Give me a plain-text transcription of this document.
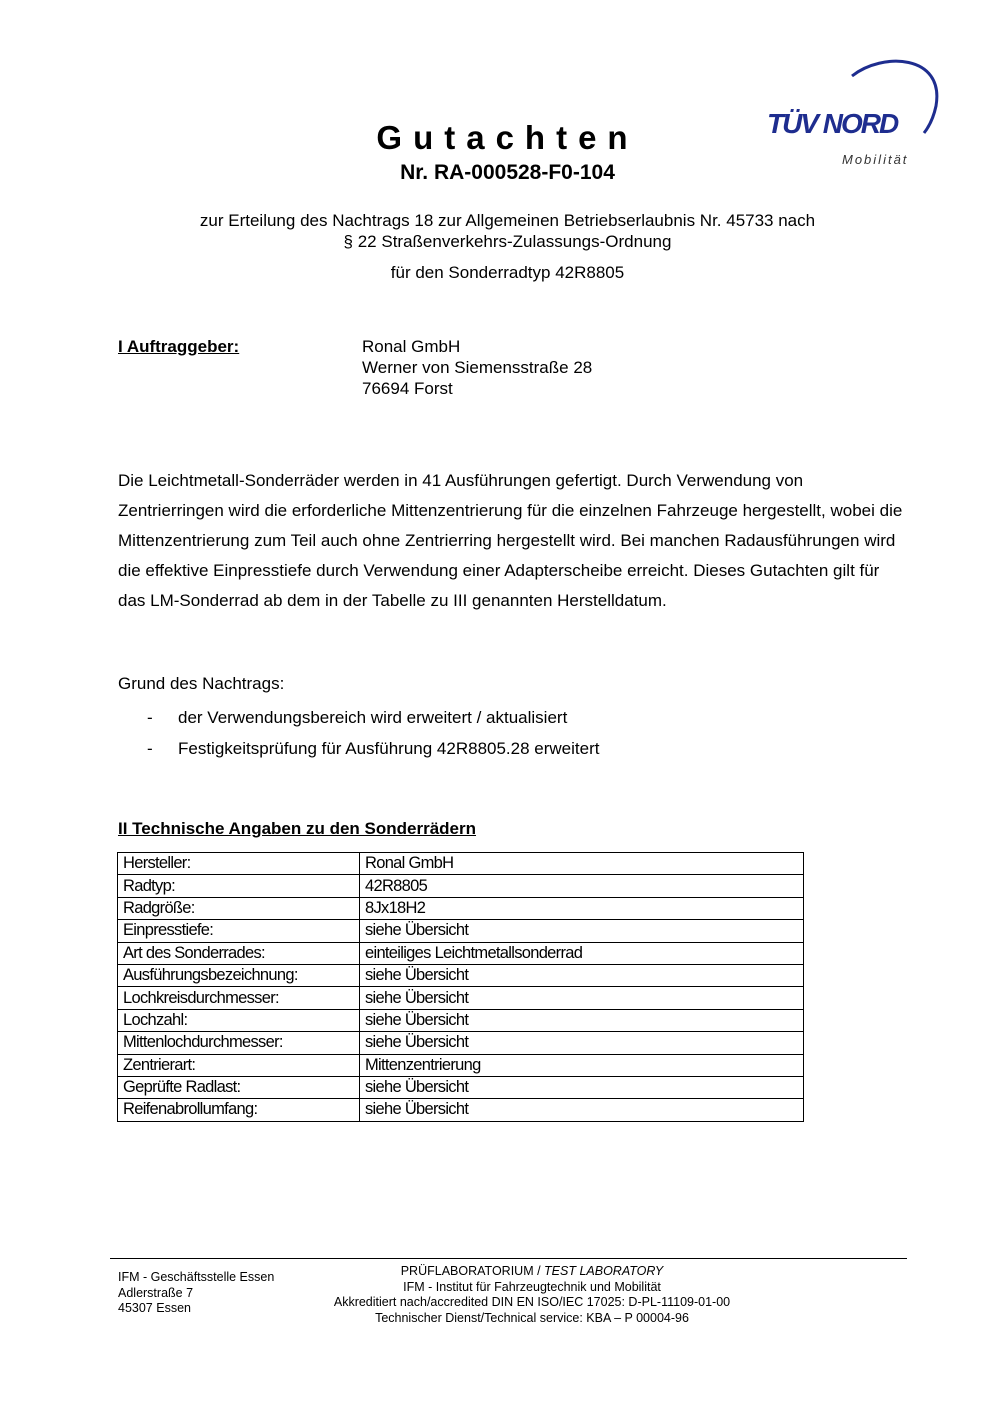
Gutachten
Nr. RA-000528-F0-104
TÜV NORD
Mobilität
zur Erteilung des Nachtrags 18 zur Allgemeinen Betriebserlaubnis Nr. 45733 nach
§ 22 Straßenverkehrs-Zulassungs-Ordnung
für den Sonderradtyp 42R8805
I Auftraggeber:	Ronal GmbH
Werner von Siemensstraße 28
76694 Forst
Die Leichtmetall-Sonderräder werden in 41 Ausführungen gefertigt. Durch Verwendung von Zentrierringen wird die erforderliche Mittenzentrierung für die einzelnen Fahrzeuge hergestellt, wobei die Mittenzentrierung zum Teil auch ohne Zentrierring hergestellt wird. Bei manchen Radausführungen wird die effektive Einpresstiefe durch Verwendung einer Adapterscheibe erreicht. Dieses Gutachten gilt für das LM-Sonderrad ab dem in der Tabelle zu III genannten Herstelldatum.
Grund des Nachtrags:
- der Verwendungsbereich wird erweitert / aktualisiert
- Festigkeitsprüfung für Ausführung 42R8805.28 erweitert
II Technische Angaben zu den Sonderrädern
Hersteller:	Ronal GmbH
Radtyp:	42R8805
Radgröße:	8Jx18H2
Einpresstiefe:	siehe Übersicht
Art des Sonderrades:	einteiliges Leichtmetallsonderrad
Ausführungsbezeichnung:	siehe Übersicht
Lochkreisdurchmesser:	siehe Übersicht
Lochzahl:	siehe Übersicht
Mittenlochdurchmesser:	siehe Übersicht
Zentrierart:	Mittenzentrierung
Geprüfte Radlast:	siehe Übersicht
Reifenabrollumfang:	siehe Übersicht
IFM - Geschäftsstelle Essen
Adlerstraße 7
45307 Essen
PRÜFLABORATORIUM / TEST LABORATORY
IFM - Institut für Fahrzeugtechnik und Mobilität
Akkreditiert nach/accredited DIN EN ISO/IEC 17025: D-PL-11109-01-00
Technischer Dienst/Technical service: KBA – P 00004-96
